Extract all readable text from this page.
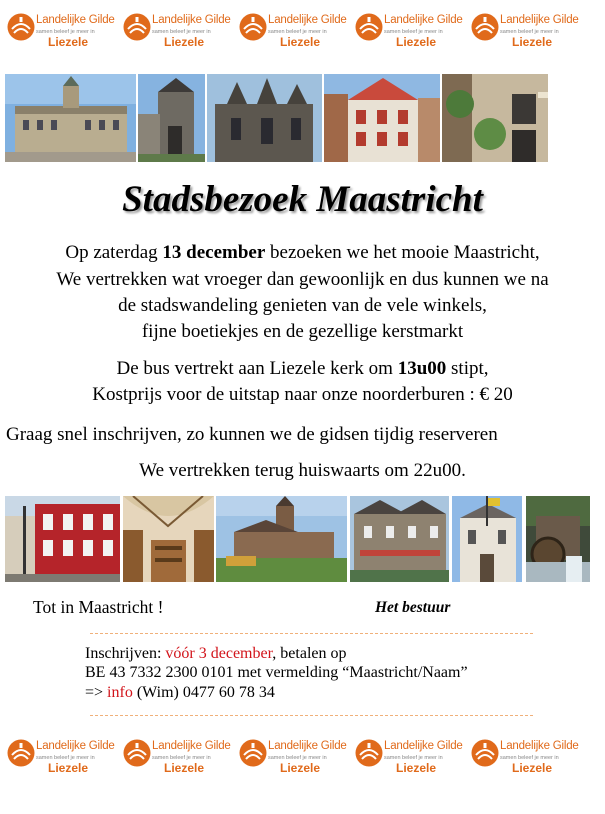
Landelijke Gilde
samen beleef je meer in
Liezele
Landelijke Gilde
samen beleef je meer in
Liezele
Landelijke Gilde
samen beleef je meer in
Liezele
Landelijke Gilde
samen beleef je meer in
Liezele
Landelijke Gilde
samen beleef je meer in
Liezele
Stadsbezoek Maastricht
Op zaterdag 13 december bezoeken we het mooie Maastricht,
We vertrekken wat vroeger dan gewoonlijk en dus kunnen we na
de stadswandeling genieten van de vele winkels,
fijne boetiekjes en de gezellige kerstmarkt
De bus vertrekt aan Liezele kerk om 13u00 stipt,
Kostprijs voor de uitstap naar onze noorderburen : € 20
Graag snel inschrijven, zo kunnen we de gidsen tijdig reserveren
We vertrekken terug huiswaarts om 22u00.
Tot in Maastricht !	Het bestuur
Inschrijven: vóór 3 december, betalen op
BE 43 7332 2300 0101 met vermelding “Maastricht/Naam”
=> info (Wim) 0477 60 78 34
Landelijke Gilde
samen beleef je meer in
Liezele
Landelijke Gilde
samen beleef je meer in
Liezele
Landelijke Gilde
samen beleef je meer in
Liezele
Landelijke Gilde
samen beleef je meer in
Liezele
Landelijke Gilde
samen beleef je meer in
Liezele
